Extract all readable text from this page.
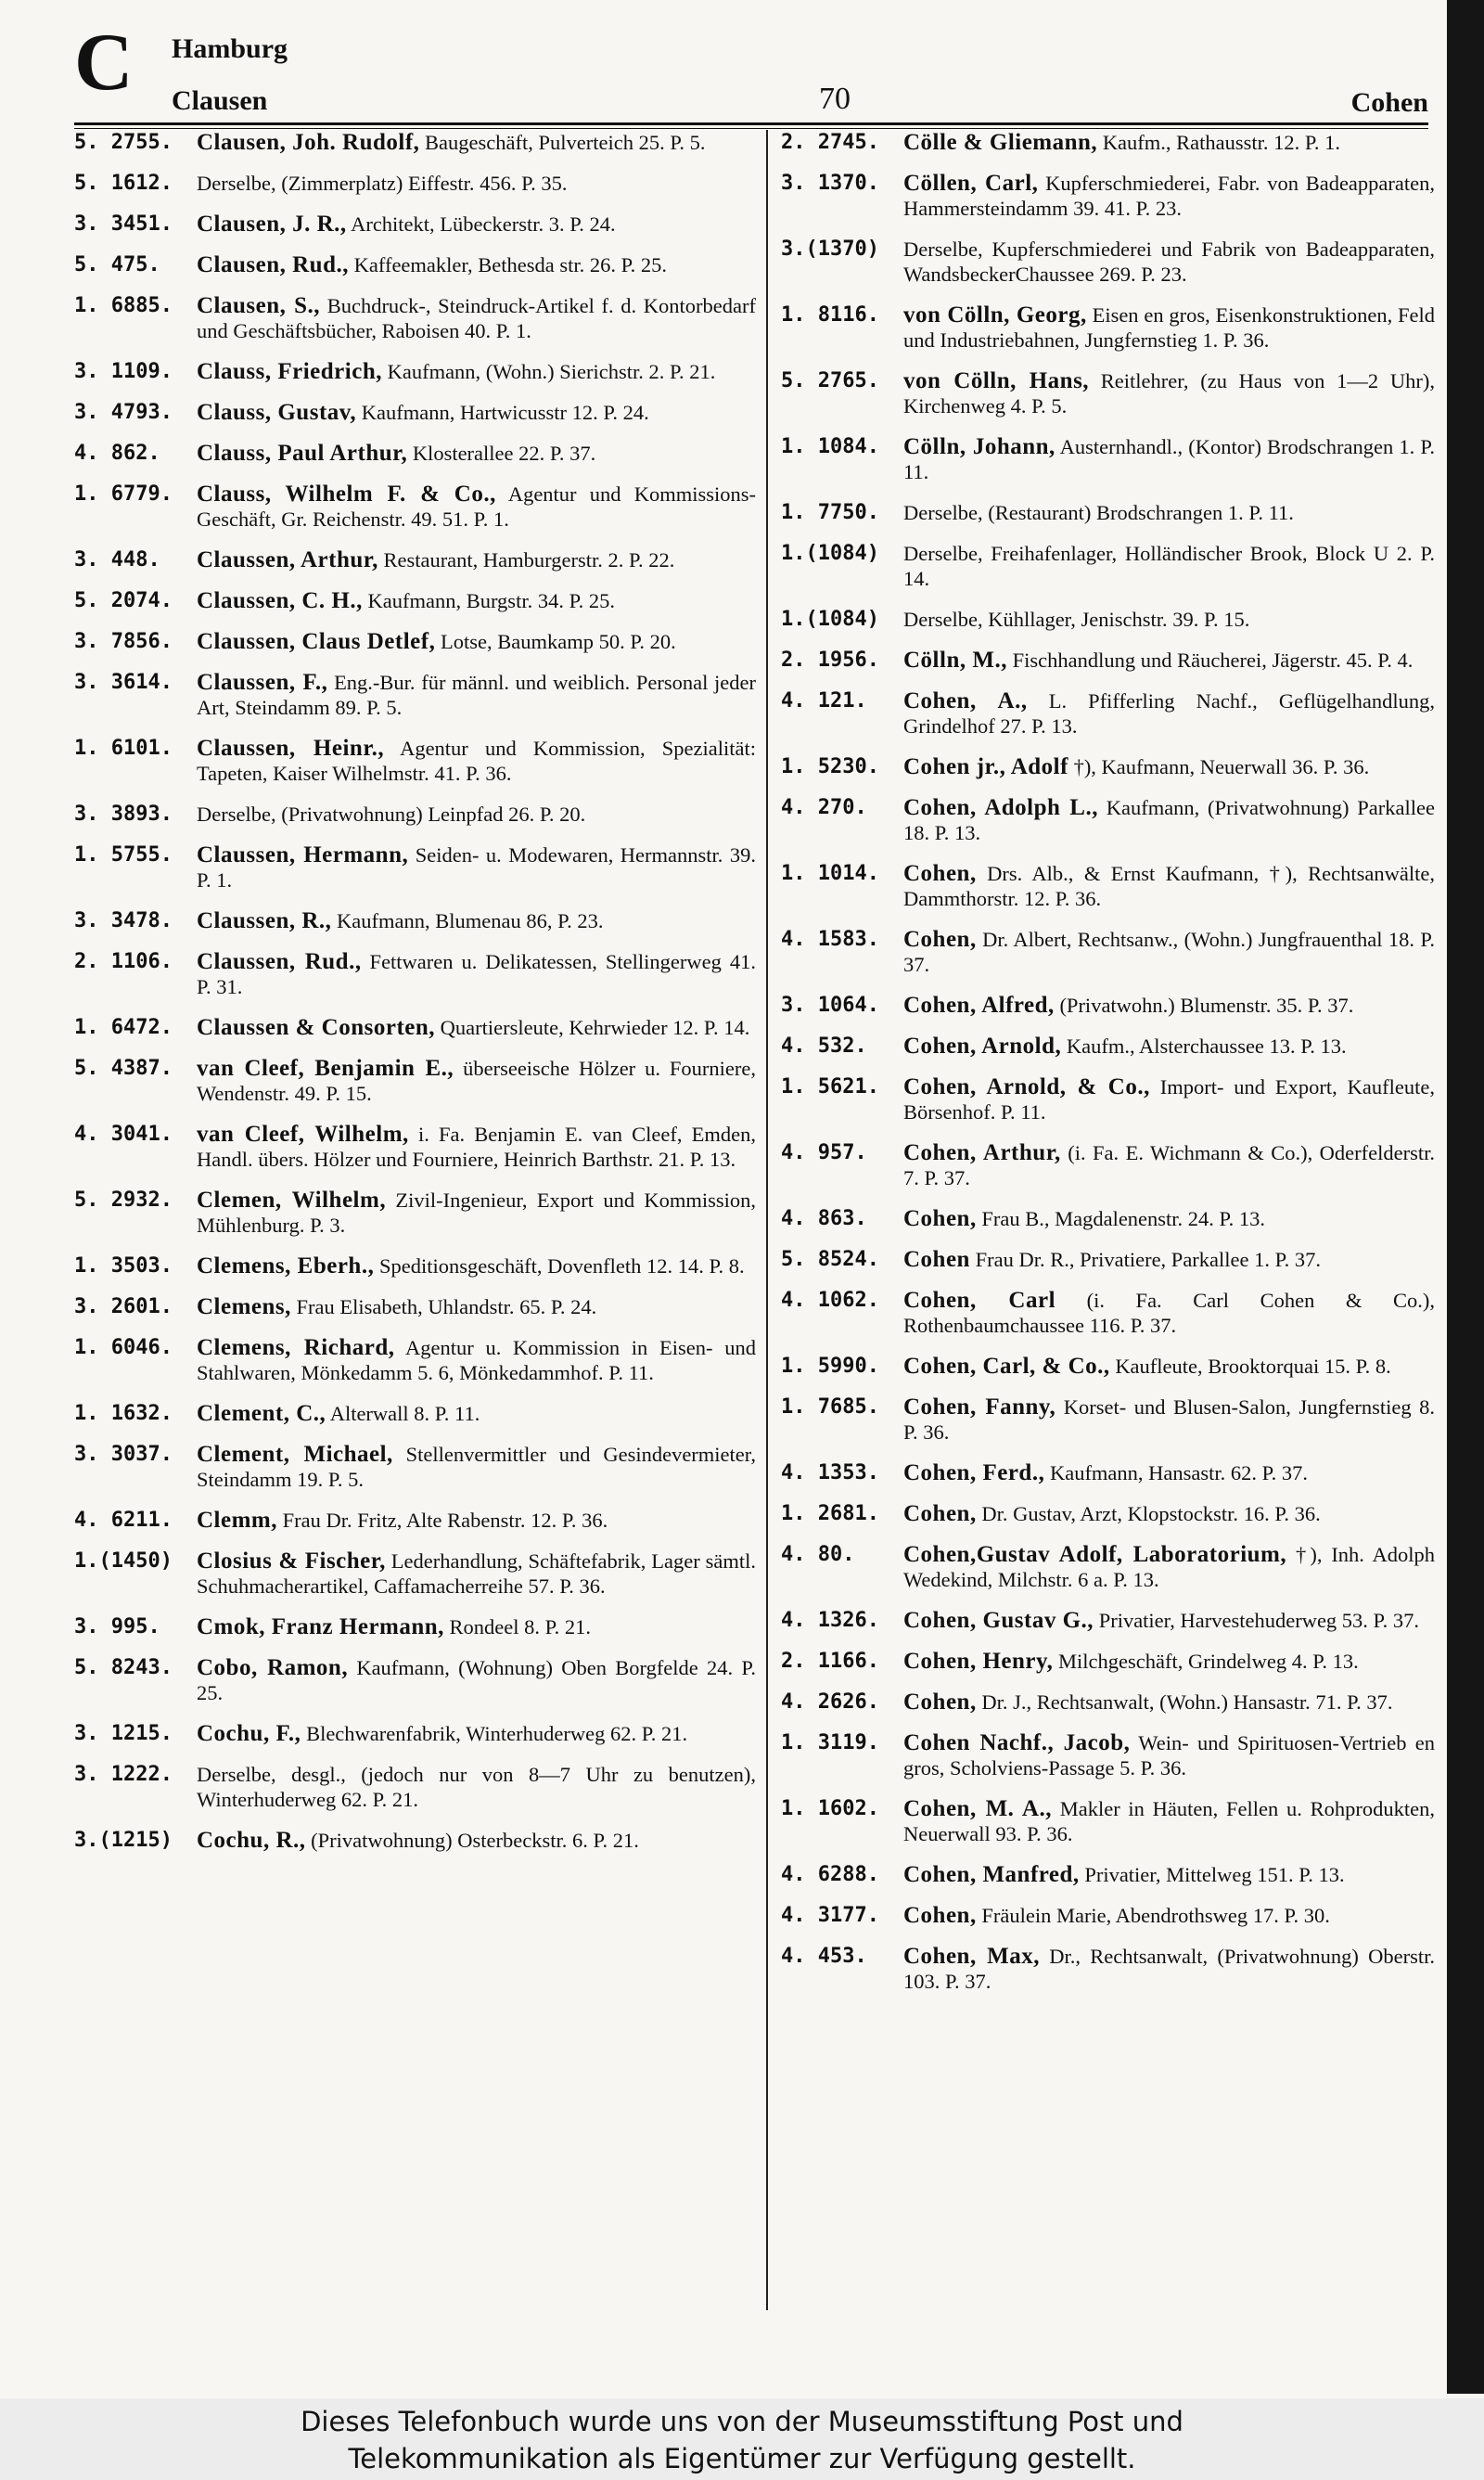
C Hamburg
Clausen	70	Cohen
5. 2755.	Clausen, Joh. Rudolf, Baugeschäft, Pulverteich 25. P. 5.
5. 1612.	Derselbe, (Zimmerplatz) Eiffestr. 456. P. 35.
3. 3451.	Clausen, J. R., Architekt, Lübeckerstr. 3. P. 24.
5. 475.	Clausen, Rud., Kaffeemakler, Bethesda str. 26. P. 25.
1. 6885.	Clausen, S., Buchdruck-, Steindruck-Artikel f. d. Kontorbedarf und Geschäftsbücher, Raboisen 40. P. 1.
3. 1109.	Clauss, Friedrich, Kaufmann, (Wohn.) Sierichstr. 2. P. 21.
3. 4793.	Clauss, Gustav, Kaufmann, Hartwicusstr 12. P. 24.
4. 862.	Clauss, Paul Arthur, Klosterallee 22. P. 37.
1. 6779.	Clauss, Wilhelm F. & Co., Agentur und Kommissions-Geschäft, Gr. Reichenstr. 49. 51. P. 1.
3. 448.	Claussen, Arthur, Restaurant, Hamburgerstr. 2. P. 22.
5. 2074.	Claussen, C. H., Kaufmann, Burgstr. 34. P. 25.
3. 7856.	Claussen, Claus Detlef, Lotse, Baumkamp 50. P. 20.
3. 3614.	Claussen, F., Eng.-Bur. für männl. und weiblich. Personal jeder Art, Steindamm 89. P. 5.
1. 6101.	Claussen, Heinr., Agentur und Kommission, Spezialität: Tapeten, Kaiser Wilhelmstr. 41. P. 36.
3. 3893.	Derselbe, (Privatwohnung) Leinpfad 26. P. 20.
1. 5755.	Claussen, Hermann, Seiden- u. Modewaren, Hermannstr. 39. P. 1.
3. 3478.	Claussen, R., Kaufmann, Blumenau 86, P. 23.
2. 1106.	Claussen, Rud., Fettwaren u. Delikatessen, Stellingerweg 41. P. 31.
1. 6472.	Claussen & Consorten, Quartiersleute, Kehrwieder 12. P. 14.
5. 4387.	van Cleef, Benjamin E., überseeische Hölzer u. Fourniere, Wendenstr. 49. P. 15.
4. 3041.	van Cleef, Wilhelm, i. Fa. Benjamin E. van Cleef, Emden, Handl. übers. Hölzer und Fourniere, Heinrich Barthstr. 21. P. 13.
5. 2932.	Clemen, Wilhelm, Zivil-Ingenieur, Export und Kommission, Mühlenburg. P. 3.
1. 3503.	Clemens, Eberh., Speditionsgeschäft, Dovenfleth 12. 14. P. 8.
3. 2601.	Clemens, Frau Elisabeth, Uhlandstr. 65. P. 24.
1. 6046.	Clemens, Richard, Agentur u. Kommission in Eisen- und Stahlwaren, Mönkedamm 5. 6, Mönkedammhof. P. 11.
1. 1632.	Clement, C., Alterwall 8. P. 11.
3. 3037.	Clement, Michael, Stellenvermittler und Gesindevermieter, Steindamm 19. P. 5.
4. 6211.	Clemm, Frau Dr. Fritz, Alte Rabenstr. 12. P. 36.
1.(1450)	Closius & Fischer, Lederhandlung, Schäftefabrik, Lager sämtl. Schuhmacherartikel, Caffamacherreihe 57. P. 36.
3. 995.	Cmok, Franz Hermann, Rondeel 8. P. 21.
5. 8243.	Cobo, Ramon, Kaufmann, (Wohnung) Oben Borgfelde 24. P. 25.
3. 1215.	Cochu, F., Blechwarenfabrik, Winterhuderweg 62. P. 21.
3. 1222.	Derselbe, desgl., (jedoch nur von 8—7 Uhr zu benutzen), Winterhuderweg 62. P. 21.
3.(1215)	Cochu, R., (Privatwohnung) Osterbeckstr. 6. P. 21.
2. 2745.	Cölle & Gliemann, Kaufm., Rathausstr. 12. P. 1.
3. 1370.	Cöllen, Carl, Kupferschmiederei, Fabr. von Badeapparaten, Hammersteindamm 39. 41. P. 23.
3.(1370)	Derselbe, Kupferschmiederei und Fabrik von Badeapparaten, WandsbeckerChaussee 269. P. 23.
1. 8116.	von Cölln, Georg, Eisen en gros, Eisenkonstruktionen, Feld und Industriebahnen, Jungfernstieg 1. P. 36.
5. 2765.	von Cölln, Hans, Reitlehrer, (zu Haus von 1—2 Uhr), Kirchenweg 4. P. 5.
1. 1084.	Cölln, Johann, Austernhandl., (Kontor) Brodschrangen 1. P. 11.
1. 7750.	Derselbe, (Restaurant) Brodschrangen 1. P. 11.
1.(1084)	Derselbe, Freihafenlager, Holländischer Brook, Block U 2. P. 14.
1.(1084)	Derselbe, Kühllager, Jenischstr. 39. P. 15.
2. 1956.	Cölln, M., Fischhandlung und Räucherei, Jägerstr. 45. P. 4.
4. 121.	Cohen, A., L. Pfifferling Nachf., Geflügelhandlung, Grindelhof 27. P. 13.
1. 5230.	Cohen jr., Adolf †), Kaufmann, Neuerwall 36. P. 36.
4. 270.	Cohen, Adolph L., Kaufmann, (Privatwohnung) Parkallee 18. P. 13.
1. 1014.	Cohen, Drs. Alb., & Ernst Kaufmann, †), Rechtsanwälte, Dammthorstr. 12. P. 36.
4. 1583.	Cohen, Dr. Albert, Rechtsanw., (Wohn.) Jungfrauenthal 18. P. 37.
3. 1064.	Cohen, Alfred, (Privatwohn.) Blumenstr. 35. P. 37.
4. 532.	Cohen, Arnold, Kaufm., Alsterchaussee 13. P. 13.
1. 5621.	Cohen, Arnold, & Co., Import- und Export, Kaufleute, Börsenhof. P. 11.
4. 957.	Cohen, Arthur, (i. Fa. E. Wichmann & Co.), Oderfelderstr. 7. P. 37.
4. 863.	Cohen, Frau B., Magdalenenstr. 24. P. 13.
5. 8524.	Cohen Frau Dr. R., Privatiere, Parkallee 1. P. 37.
4. 1062.	Cohen, Carl (i. Fa. Carl Cohen & Co.), Rothenbaumchaussee 116. P. 37.
1. 5990.	Cohen, Carl, & Co., Kaufleute, Brooktorquai 15. P. 8.
1. 7685.	Cohen, Fanny, Korset- und Blusen-Salon, Jungfernstieg 8. P. 36.
4. 1353.	Cohen, Ferd., Kaufmann, Hansastr. 62. P. 37.
1. 2681.	Cohen, Dr. Gustav, Arzt, Klopstockstr. 16. P. 36.
4. 80.	Cohen,Gustav Adolf, Laboratorium, †), Inh. Adolph Wedekind, Milchstr. 6 a. P. 13.
4. 1326.	Cohen, Gustav G., Privatier, Harvestehuderweg 53. P. 37.
2. 1166.	Cohen, Henry, Milchgeschäft, Grindelweg 4. P. 13.
4. 2626.	Cohen, Dr. J., Rechtsanwalt, (Wohn.) Hansastr. 71. P. 37.
1. 3119.	Cohen Nachf., Jacob, Wein- und Spirituosen-Vertrieb en gros, Scholviens-Passage 5. P. 36.
1. 1602.	Cohen, M. A., Makler in Häuten, Fellen u. Rohprodukten, Neuerwall 93. P. 36.
4. 6288.	Cohen, Manfred, Privatier, Mittelweg 151. P. 13.
4. 3177.	Cohen, Fräulein Marie, Abendrothsweg 17. P. 30.
4. 453.	Cohen, Max, Dr., Rechtsanwalt, (Privatwohnung) Oberstr. 103. P. 37.
Dieses Telefonbuch wurde uns von der Museumsstiftung Post und
Telekommunikation als Eigentümer zur Verfügung gestellt.
